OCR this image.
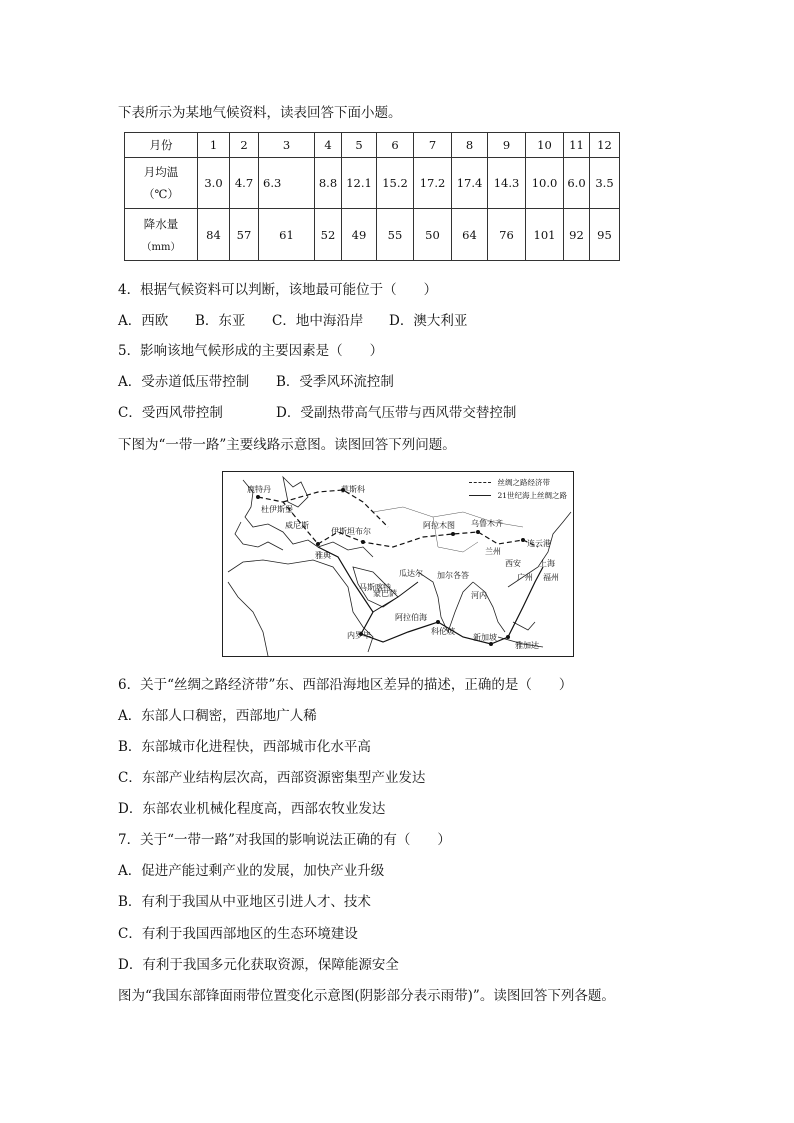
下表所示为某地气候资料，读表回答下面小题。
月份	1	2	3	4	5	6	7	8	9	10	11	12

月均温
（℃）	3.0	4.7	6.3	8.8	12.1	15.2	17.2	17.4	14.3	10.0	6.0	3.5

降水量
（mm）	84	57	61	52	49	55	50	64	76	101	92	95
4．根据气候资料可以判断，该地最可能位于（　　）
A．西欧 B．东亚 C．地中海沿岸 D．澳大利亚
5．影响该地气候形成的主要因素是（　　）
A．受赤道低压带控制 B．受季风环流控制
C．受西风带控制	D．受副热带高气压带与西风带交替控制
下图为“一带一路”主要线路示意图。读图回答下列问题。
丝绸之路经济带
21世纪海上丝绸之路
鹿特丹	莫斯科
杜伊斯堡
威尼斯
雅典
伊斯坦布尔
阿拉木图 乌鲁木齐
兰州
西安
连云港
上海
广州 福州
瓜达尔 加尔各答
蒙巴萨
内罗毕	科伦坡
阿拉伯海
河内
新加坡
马斯喀特
雅加达
6．关于“丝绸之路经济带”东、西部沿海地区差异的描述，正确的是（　　）
A．东部人口稠密，西部地广人稀
B．东部城市化进程快，西部城市化水平高
C．东部产业结构层次高，西部资源密集型产业发达
D．东部农业机械化程度高，西部农牧业发达
7．关于“一带一路”对我国的影响说法正确的有（　　）
A．促进产能过剩产业的发展，加快产业升级
B．有利于我国从中亚地区引进人才、技术
C．有利于我国西部地区的生态环境建设
D．有利于我国多元化获取资源，保障能源安全
图为“我国东部锋面雨带位置变化示意图(阴影部分表示雨带)”。读图回答下列各题。
